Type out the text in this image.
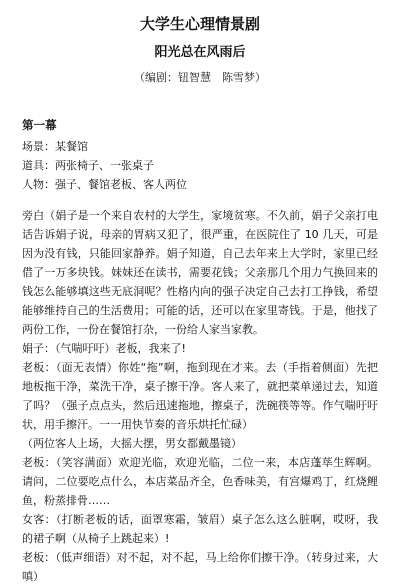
大学生心理情景剧
阳光总在风雨后

（编剧：钮智慧　陈雪梦）

第一幕

场景：某餐馆

道具：两张椅子、一张桌子

人物：强子、餐馆老板、客人两位

旁白（娟子是一个来自农村的大学生，家境贫寒。不久前，娟子父亲打电话告诉娟子说，母亲的胃病又犯了，很严重，在医院住了 10 几天，可是因为没有钱，只能回家静养。娟子知道，自己去年来上大学时，家里已经借了一万多块钱。妹妹还在读书，需要花钱；父亲那几个用力气换回来的钱怎么能够填这些无底洞呢？性格内向的强子决定自己去打工挣钱，希望能够维持自己的生活费用；可能的话，还可以在家里寄钱。于是，他找了两份工作，一份在餐馆打杂，一份给人家当家教。

娟子：（气喘吁吁）老板，我来了!

老板：（面无表情）你姓“拖”啊，拖到现在才来。去（手指着侧面）先把地板拖干净，菜洗干净，桌子擦干净。客人来了，就把菜单递过去，知道了吗？（强子点点头，然后迅速拖地，擦桌子，洗碗筷等等。作气喘吁吁状，用手擦汗。一一用快节奏的音乐烘托忙碌）

（两位客人上场，大摇大摆，男女都戴墨镜）

老板：（笑容满面）欢迎光临，欢迎光临，二位一来，本店蓬荜生辉啊。请问，二位要吃点什么，本店菜品齐全，色香味美，有宫爆鸡丁，红烧鲤鱼，粉蒸排骨……

女客：（打断老板的话，面罩寒霜，皱眉）桌子怎么这么脏啊，哎呀，我的裙子啊（从椅子上跳起来）!

老板：（低声细语）对不起，对不起，马上给你们擦干净。（转身过来，大嗔）
